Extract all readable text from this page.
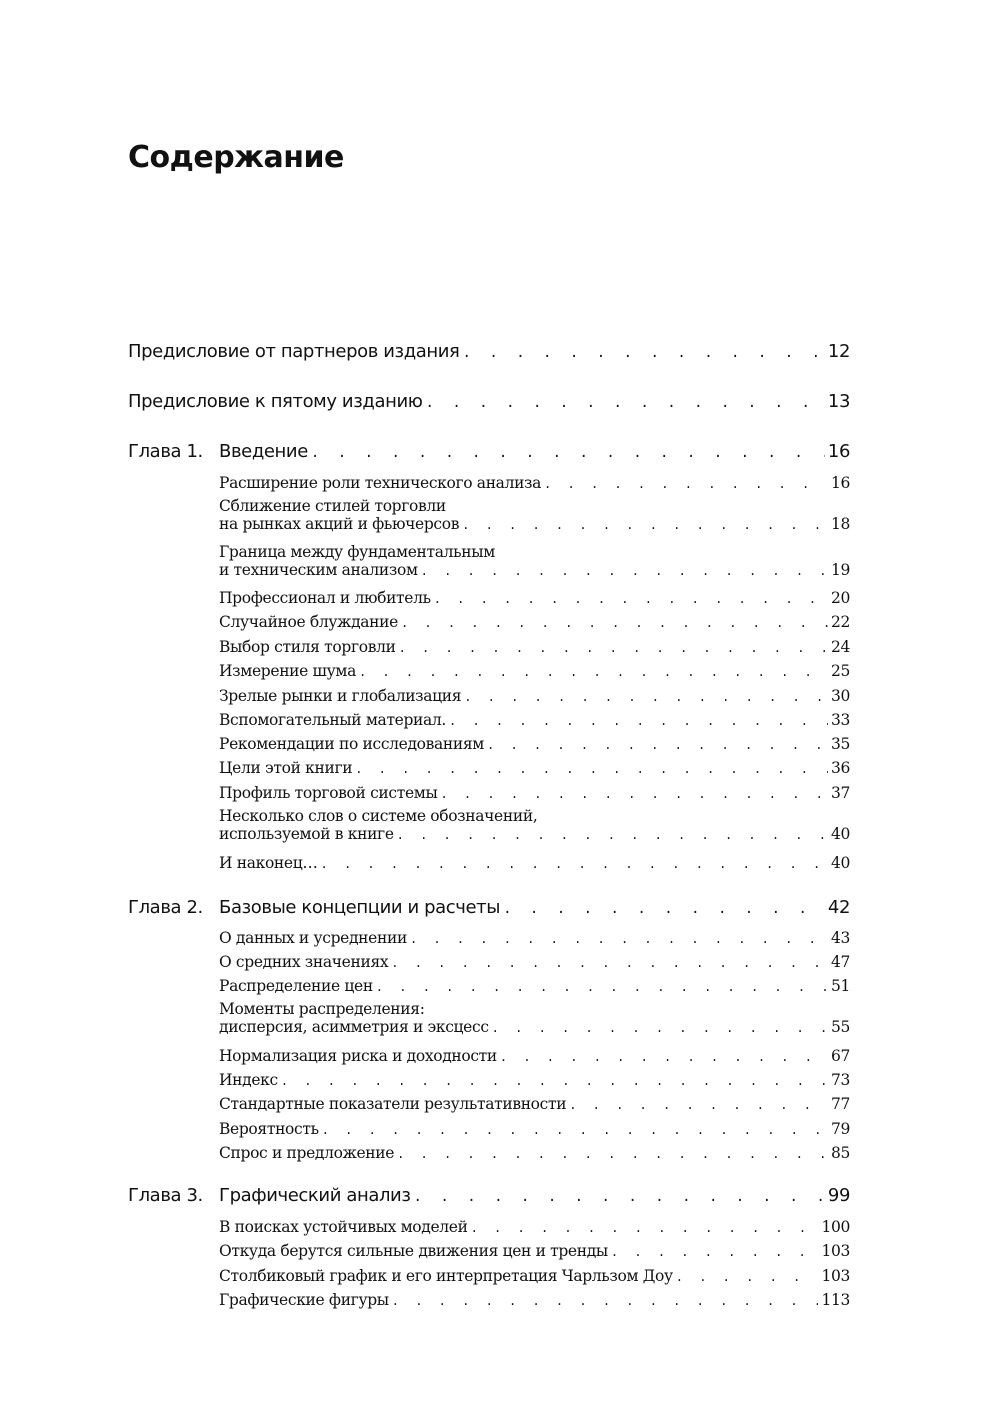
Содержание
Предисловие от партнеров издания . . .	12
Предисловие к пятому изданию . . .	13
Глава 1. Введение . . .	16
Расширение роли технического анализа . . .	16
Сближение стилей торговли
на рынках акций и фьючерсов . . .	18
Граница между фундаментальным
и техническим анализом . . .	19
Профессионал и любитель . . .	20
Случайное блуждание . . .	22
Выбор стиля торговли . . .	24
Измерение шума . . .	25
Зрелые рынки и глобализация . . .	30
Вспомогательный материал. . . .	33
Рекомендации по исследованиям . . .	35
Цели этой книги . . .	36
Профиль торговой системы . . .	37
Несколько слов о системе обозначений,
используемой в книге . . .	40
И наконец… . . .	40
Глава 2. Базовые концепции и расчеты . . .	42
О данных и усреднении . . .	43
О средних значениях . . .	47
Распределение цен . . .	51
Моменты распределения:
дисперсия, асимметрия и эксцесс . . .	55
Нормализация риска и доходности . . .	67
Индекс . . .	73
Стандартные показатели результативности . . .	77
Вероятность . . .	79
Спрос и предложение . . .	85
Глава 3. Графический анализ . . .	99
В поисках устойчивых моделей . . .	100
Откуда берутся сильные движения цен и тренды . . .	103
Столбиковый график и его интерпретация Чарльзом Доу . . .	103
Графические фигуры . . .	113
